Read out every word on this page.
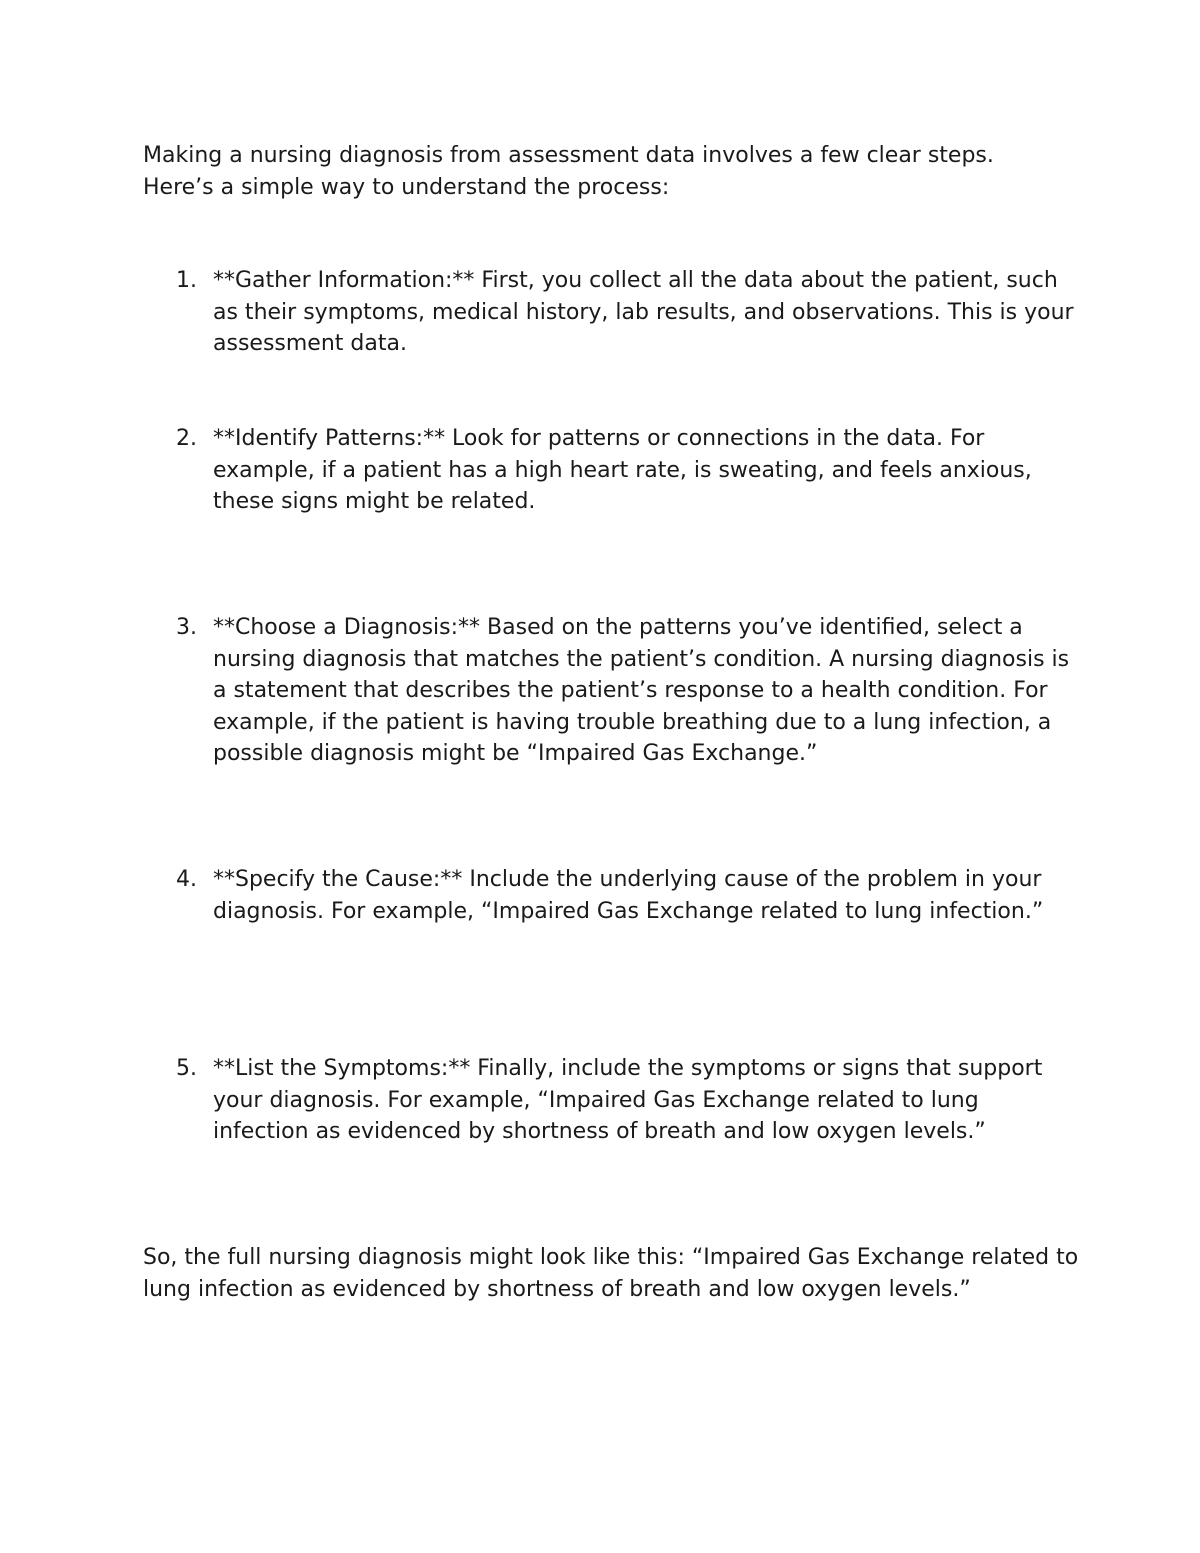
Making a nursing diagnosis from assessment data involves a few clear steps.
Here’s a simple way to understand the process:

1. **Gather Information:** First, you collect all the data about the patient, such as their symptoms, medical history, lab results, and observations. This is your assessment data.
2. **Identify Patterns:** Look for patterns or connections in the data. For example, if a patient has a high heart rate, is sweating, and feels anxious, these signs might be related.
3. **Choose a Diagnosis:** Based on the patterns you’ve identified, select a nursing diagnosis that matches the patient’s condition. A nursing diagnosis is a statement that describes the patient’s response to a health condition. For example, if the patient is having trouble breathing due to a lung infection, a possible diagnosis might be “Impaired Gas Exchange.”
4. **Specify the Cause:** Include the underlying cause of the problem in your diagnosis. For example, “Impaired Gas Exchange related to lung infection.”
5. **List the Symptoms:** Finally, include the symptoms or signs that support your diagnosis. For example, “Impaired Gas Exchange related to lung infection as evidenced by shortness of breath and low oxygen levels.”

So, the full nursing diagnosis might look like this: “Impaired Gas Exchange related to lung infection as evidenced by shortness of breath and low oxygen levels.”
